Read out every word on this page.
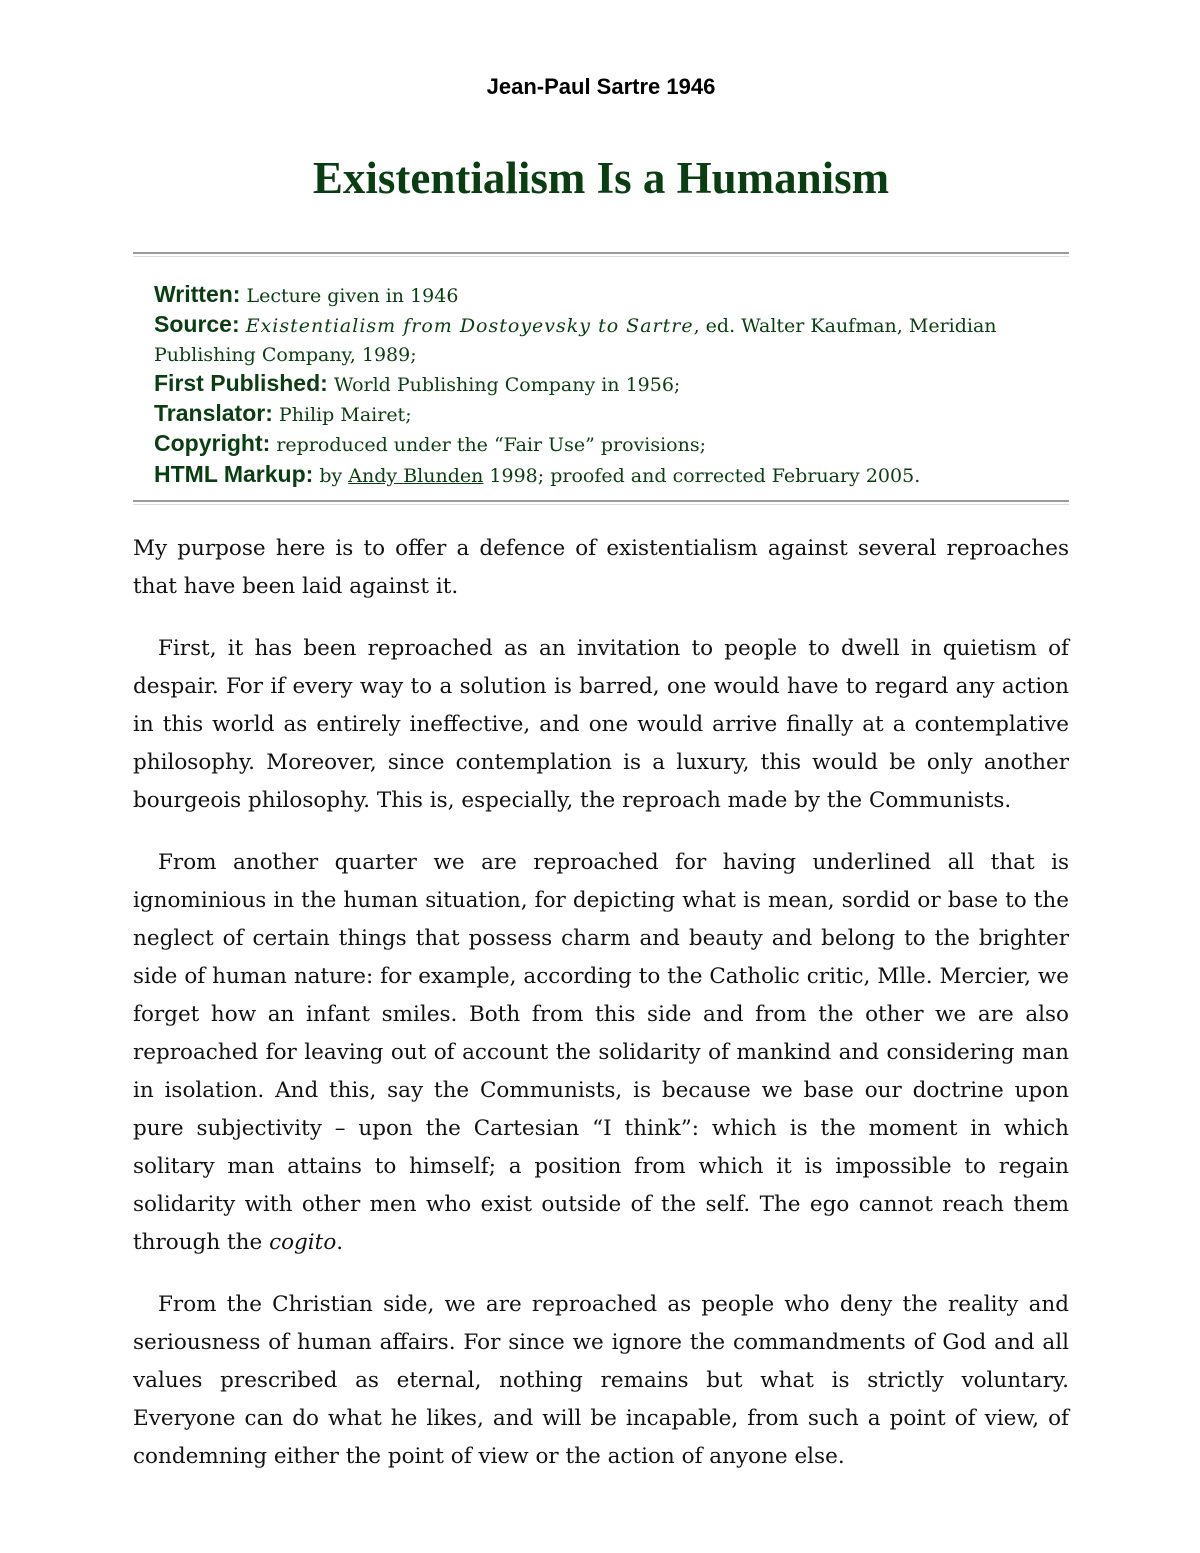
Jean-Paul Sartre 1946
Existentialism Is a Humanism
Written: Lecture given in 1946
Source: Existentialism from Dostoyevsky to Sartre, ed. Walter Kaufman, Meridian Publishing Company, 1989;
First Published: World Publishing Company in 1956;
Translator: Philip Mairet;
Copyright: reproduced under the “Fair Use” provisions;
HTML Markup: by Andy Blunden 1998; proofed and corrected February 2005.

My purpose here is to offer a defence of existentialism against several reproaches that have been laid against it.

First, it has been reproached as an invitation to people to dwell in quietism of despair. For if every way to a solution is barred, one would have to regard any action in this world as entirely ineffective, and one would arrive finally at a contemplative philosophy. Moreover, since contemplation is a luxury, this would be only another bourgeois philosophy. This is, especially, the reproach made by the Communists.

From another quarter we are reproached for having underlined all that is ignominious in the human situation, for depicting what is mean, sordid or base to the neglect of certain things that possess charm and beauty and belong to the brighter side of human nature: for example, according to the Catholic critic, Mlle. Mercier, we forget how an infant smiles. Both from this side and from the other we are also reproached for leaving out of account the solidarity of mankind and considering man in isolation. And this, say the Communists, is because we base our doctrine upon pure subjectivity – upon the Cartesian “I think”: which is the moment in which solitary man attains to himself; a position from which it is impossible to regain solidarity with other men who exist outside of the self. The ego cannot reach them through the cogito.

From the Christian side, we are reproached as people who deny the reality and seriousness of human affairs. For since we ignore the commandments of God and all values prescribed as eternal, nothing remains but what is strictly voluntary. Everyone can do what he likes, and will be incapable, from such a point of view, of condemning either the point of view or the action of anyone else.
